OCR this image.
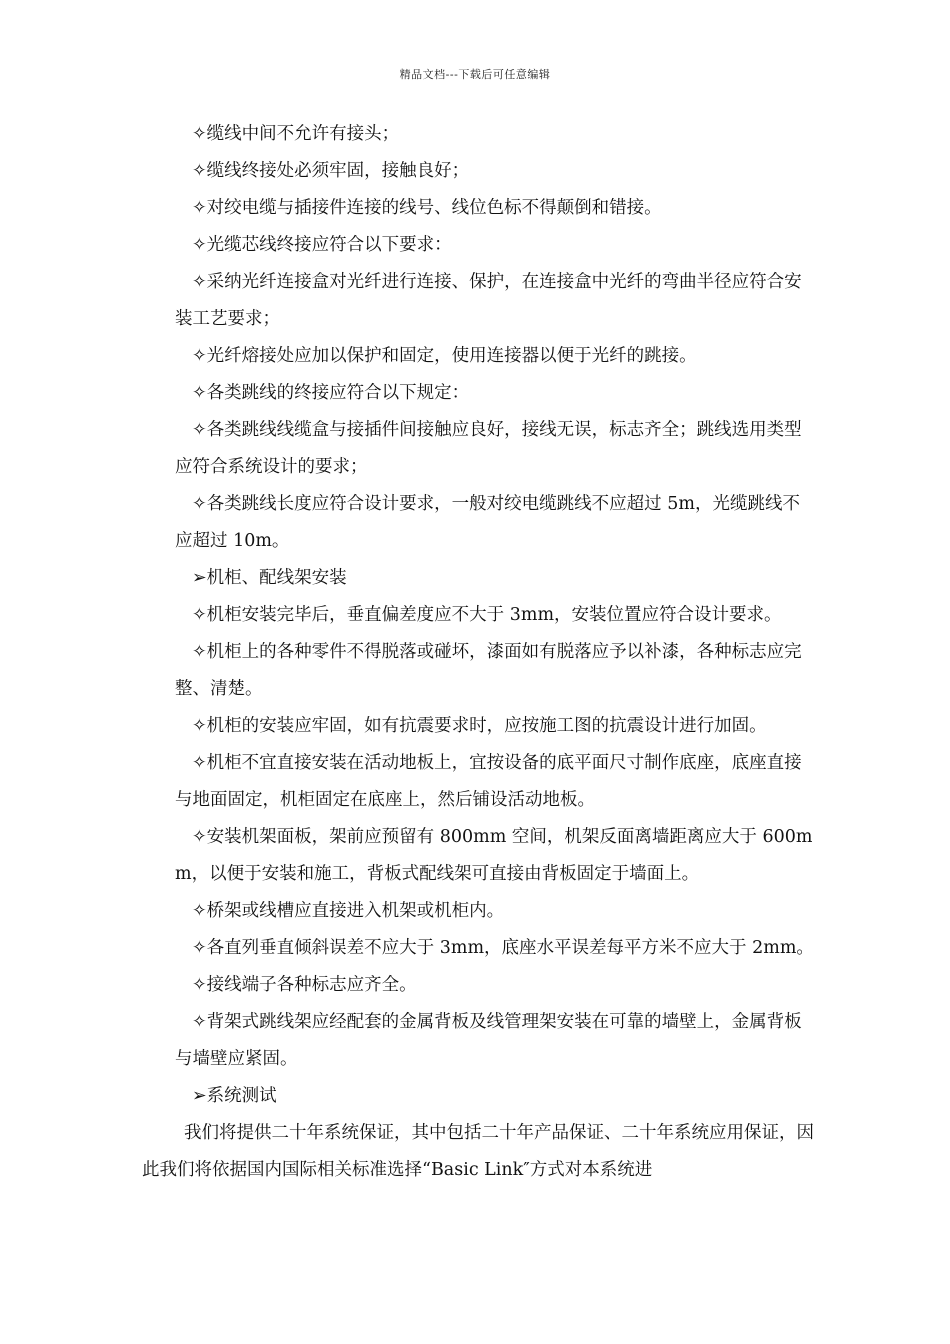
精品文档---下载后可任意编辑

✧缆线中间不允许有接头；

✧缆线终接处必须牢固，接触良好；

✧对绞电缆与插接件连接的线号、线位色标不得颠倒和错接。

✧光缆芯线终接应符合以下要求：

✧采纳光纤连接盒对光纤进行连接、保护，在连接盒中光纤的弯曲半径应符合安装工艺要求；

✧光纤熔接处应加以保护和固定，使用连接器以便于光纤的跳接。

✧各类跳线的终接应符合以下规定：

✧各类跳线线缆盒与接插件间接触应良好，接线无误，标志齐全；跳线选用类型应符合系统设计的要求；

✧各类跳线长度应符合设计要求，一般对绞电缆跳线不应超过 5m，光缆跳线不应超过 10m。

➢机柜、配线架安装

✧机柜安装完毕后，垂直偏差度应不大于 3mm，安装位置应符合设计要求。

✧机柜上的各种零件不得脱落或碰坏，漆面如有脱落应予以补漆，各种标志应完整、清楚。

✧机柜的安装应牢固，如有抗震要求时，应按施工图的抗震设计进行加固。

✧机柜不宜直接安装在活动地板上，宜按设备的底平面尺寸制作底座，底座直接与地面固定，机柜固定在底座上，然后铺设活动地板。

✧安装机架面板，架前应预留有 800mm 空间，机架反面离墙距离应大于 600mm，以便于安装和施工，背板式配线架可直接由背板固定于墙面上。

✧桥架或线槽应直接进入机架或机柜内。

✧各直列垂直倾斜误差不应大于 3mm，底座水平误差每平方米不应大于 2mm。

✧接线端子各种标志应齐全。

✧背架式跳线架应经配套的金属背板及线管理架安装在可靠的墙壁上，金属背板与墙壁应紧固。

➢系统测试

我们将提供二十年系统保证，其中包括二十年产品保证、二十年系统应用保证，因此我们将依据国内国际相关标准选择“Basic Link″方式对本系统进
